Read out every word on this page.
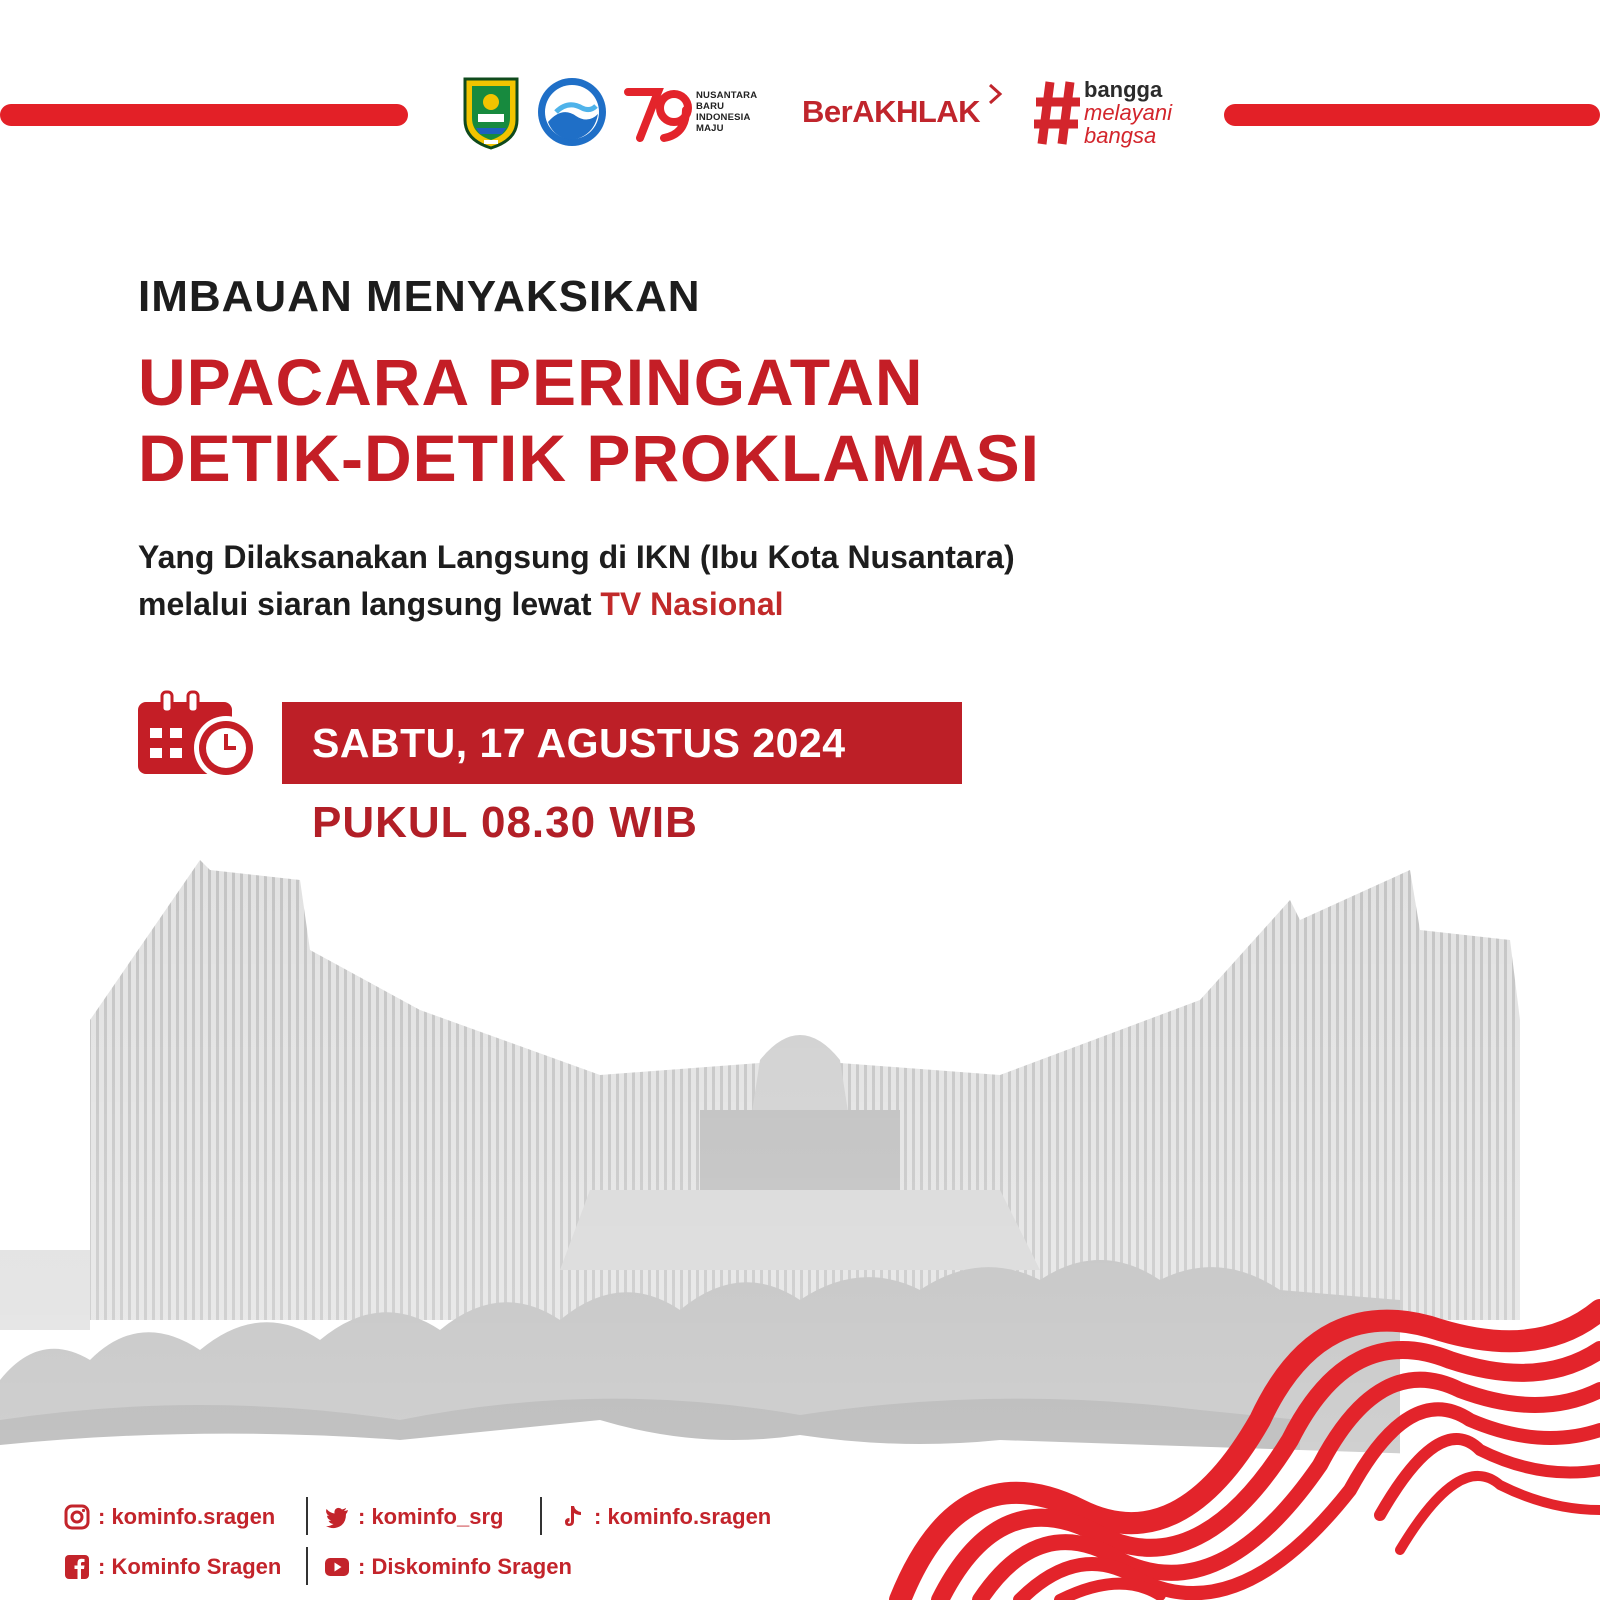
NUSANTARA
BARU
INDONESIA
MAJU	BerAKHLAK
bangga
melayani
bangsa
IMBAUAN MENYAKSIKAN
UPACARA PERINGATAN
DETIK-DETIK PROKLAMASI
Yang Dilaksanakan Langsung di IKN (Ibu Kota Nusantara)
melalui siaran langsung lewat TV Nasional
SABTU, 17 AGUSTUS 2024
PUKUL 08.30 WIB
: kominfo.sragen	: kominfo_srg	: kominfo.sragen
: Kominfo Sragen	: Diskominfo Sragen
